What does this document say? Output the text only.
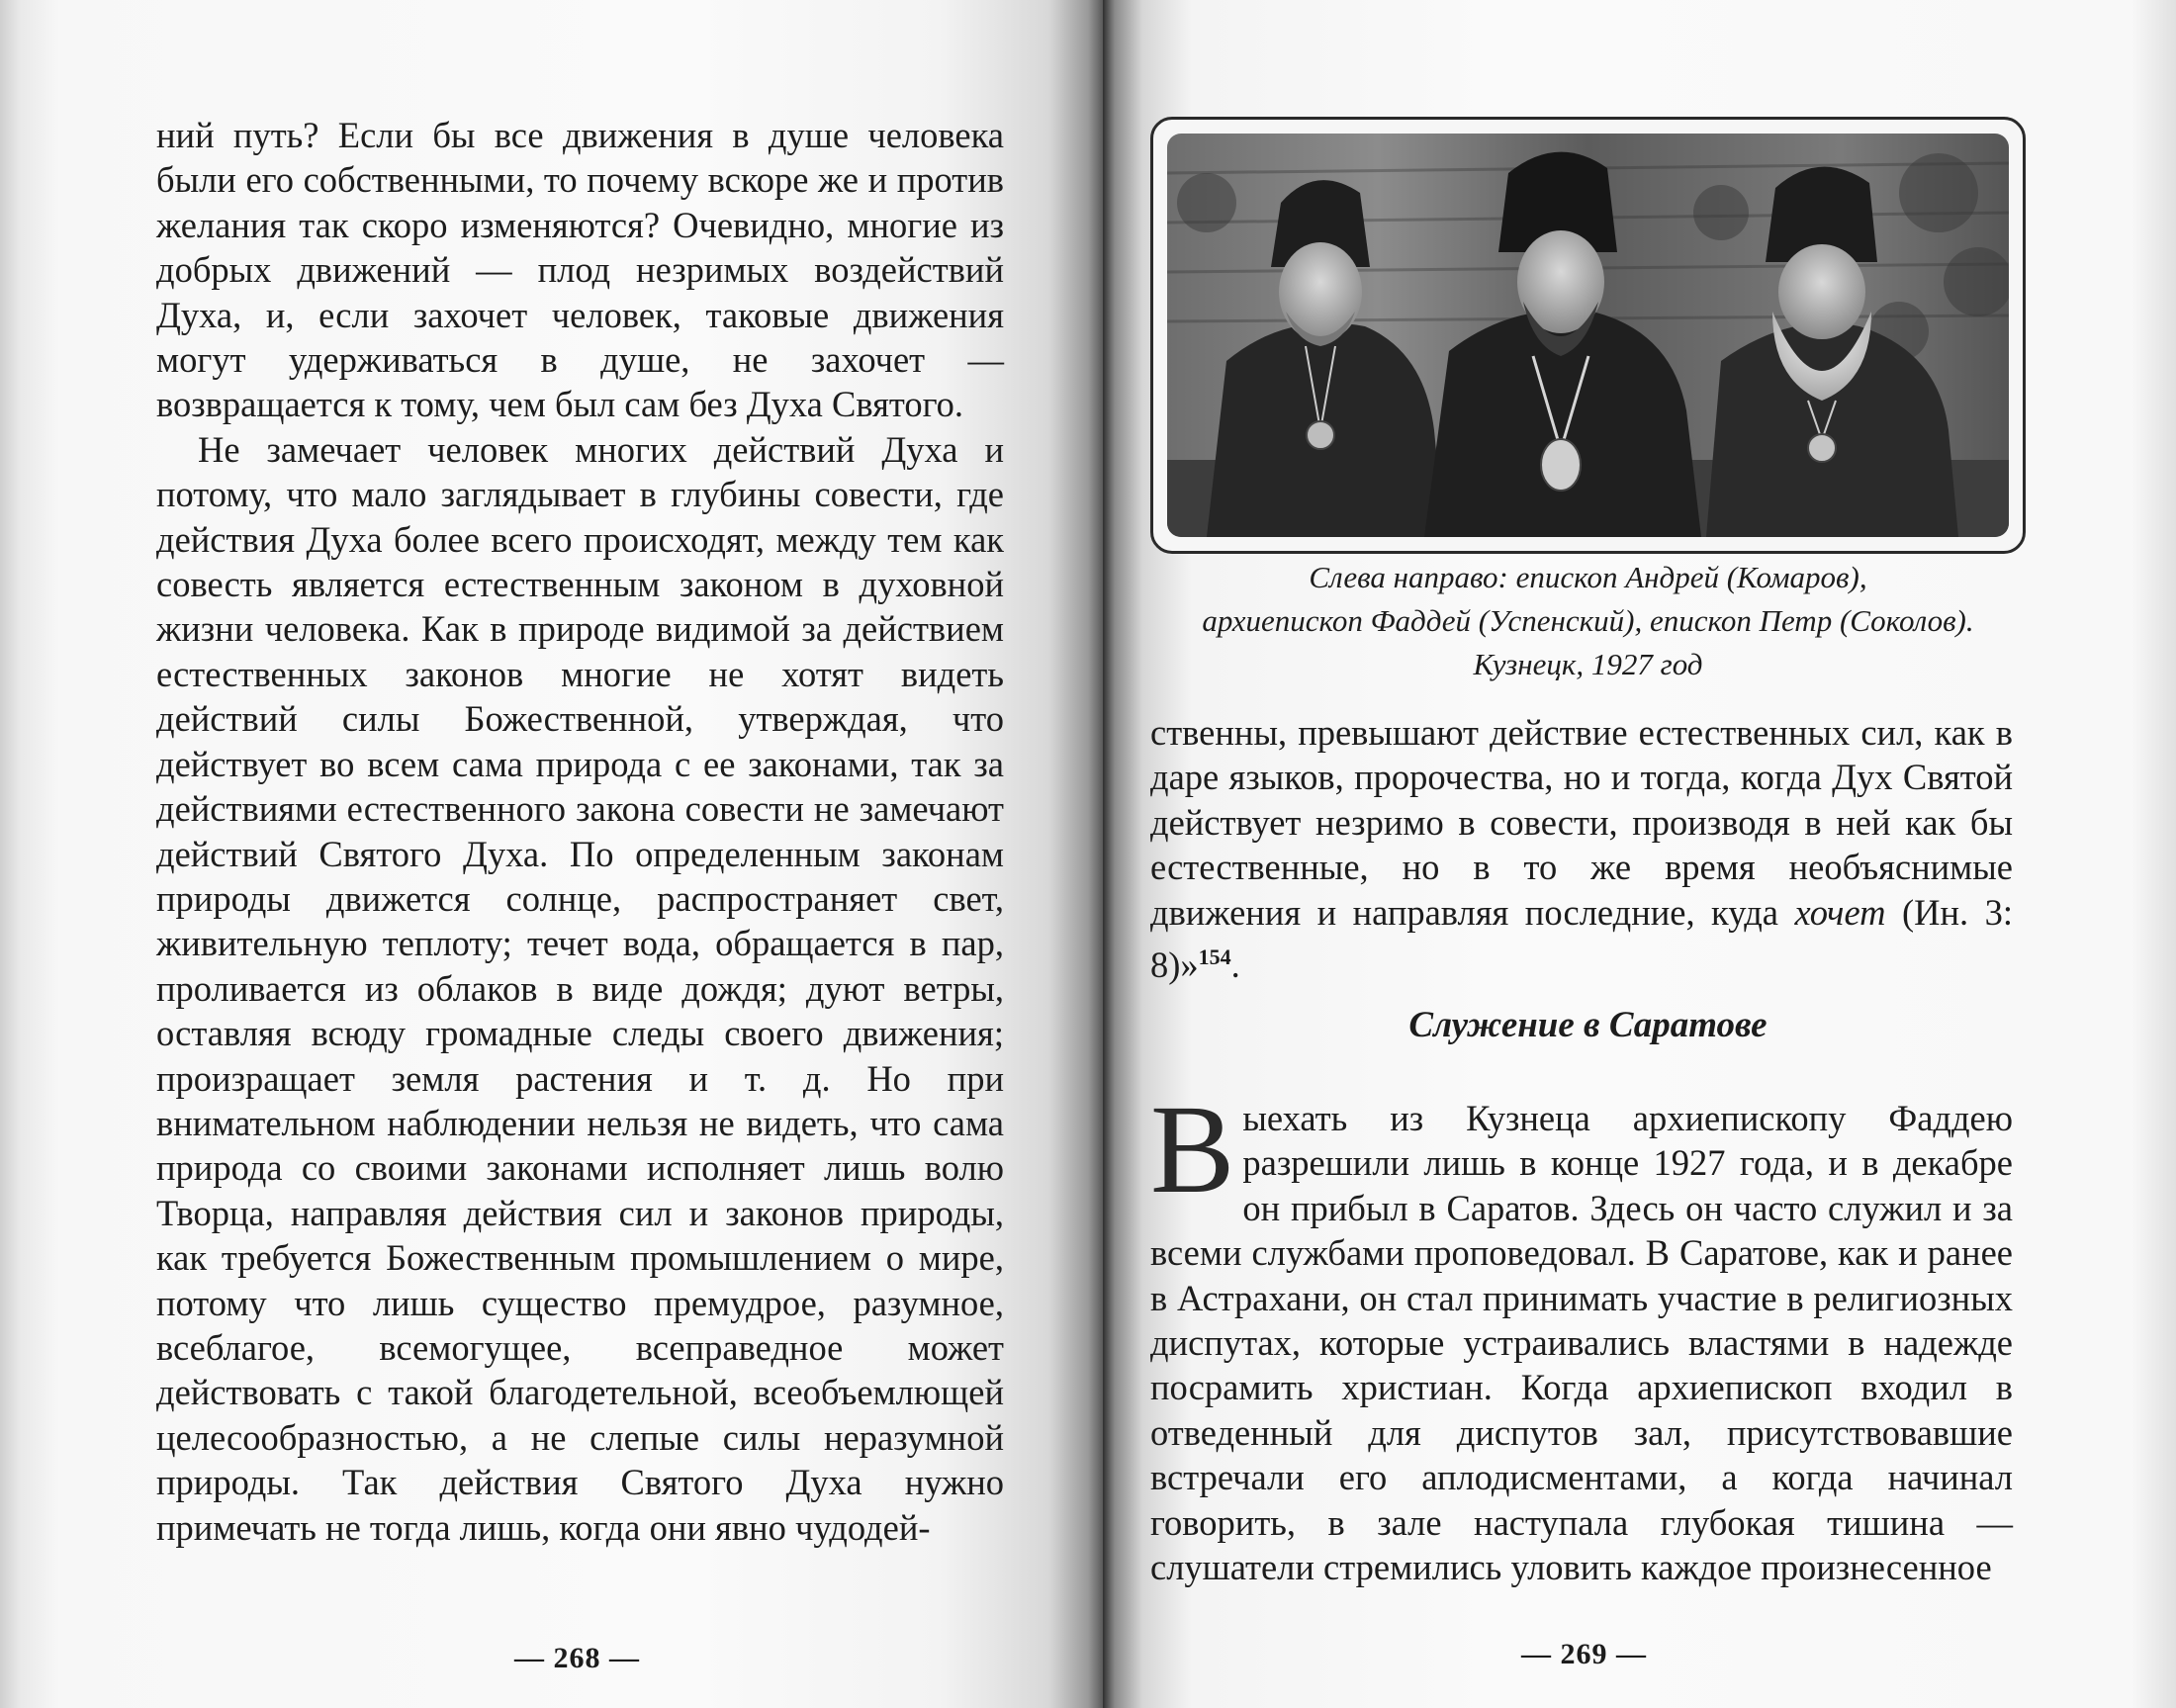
ний путь? Если бы все движения в душе человека были его собственными, то почему вскоре же и против желания так скоро изменяются? Очевидно, многие из добрых движений — плод незримых воздействий Духа, и, если захочет человек, таковые движения могут удерживаться в душе, не захочет — возвращается к тому, чем был сам без Духа Святого.

Не замечает человек многих действий Духа и потому, что мало заглядывает в глубины совести, где действия Духа более всего происходят, между тем как совесть является естественным законом в духовной жизни человека. Как в природе видимой за действием естественных законов многие не хотят видеть действий силы Божественной, утверждая, что действует во всем сама природа с ее законами, так за действиями естественного закона совести не замечают действий Святого Духа. По определенным законам природы движется солнце, распространяет свет, живительную теплоту; течет вода, обращается в пар, проливается из облаков в виде дождя; дуют ветры, оставляя всюду громадные следы своего движения; произращает земля растения и т. д. Но при внимательном наблюдении нельзя не видеть, что сама природа со своими законами исполняет лишь волю Творца, направляя действия сил и законов природы, как требуется Божественным промышлением о мире, потому что лишь существо премудрое, разумное, всеблагое, всемогущее, всеправедное может действовать с такой благодетельной, всеобъемлющей целесообразностью, а не слепые силы неразумной природы. Так действия Святого Духа нужно примечать не тогда лишь, когда они явно чудодей-

— 268 —
Слева направо: епископ Андрей (Комаров),
архиепископ Фаддей (Успенский), епископ Петр (Соколов).
Кузнецк, 1927 год

ственны, превышают действие естественных сил, как в даре языков, пророчества, но и тогда, когда Дух Святой действует незримо в совести, производя в ней как бы естественные, но в то же время необъяснимые движения и направляя последние, куда хочет (Ин. 3: 8)»$^{154}$.

Служение в Саратове

Выехать из Кузнеца архиепископу Фаддею разрешили лишь в конце 1927 года, и в декабре он прибыл в Саратов. Здесь он часто служил и за всеми службами проповедовал. В Саратове, как и ранее в Астрахани, он стал принимать участие в религиозных диспутах, которые устраивались властями в надежде посрамить христиан. Когда архиепископ входил в отведенный для диспутов зал, присутствовавшие встречали его аплодисментами, а когда начинал говорить, в зале наступала глубокая тишина — слушатели стремились уловить каждое произнесенное

— 269 —
